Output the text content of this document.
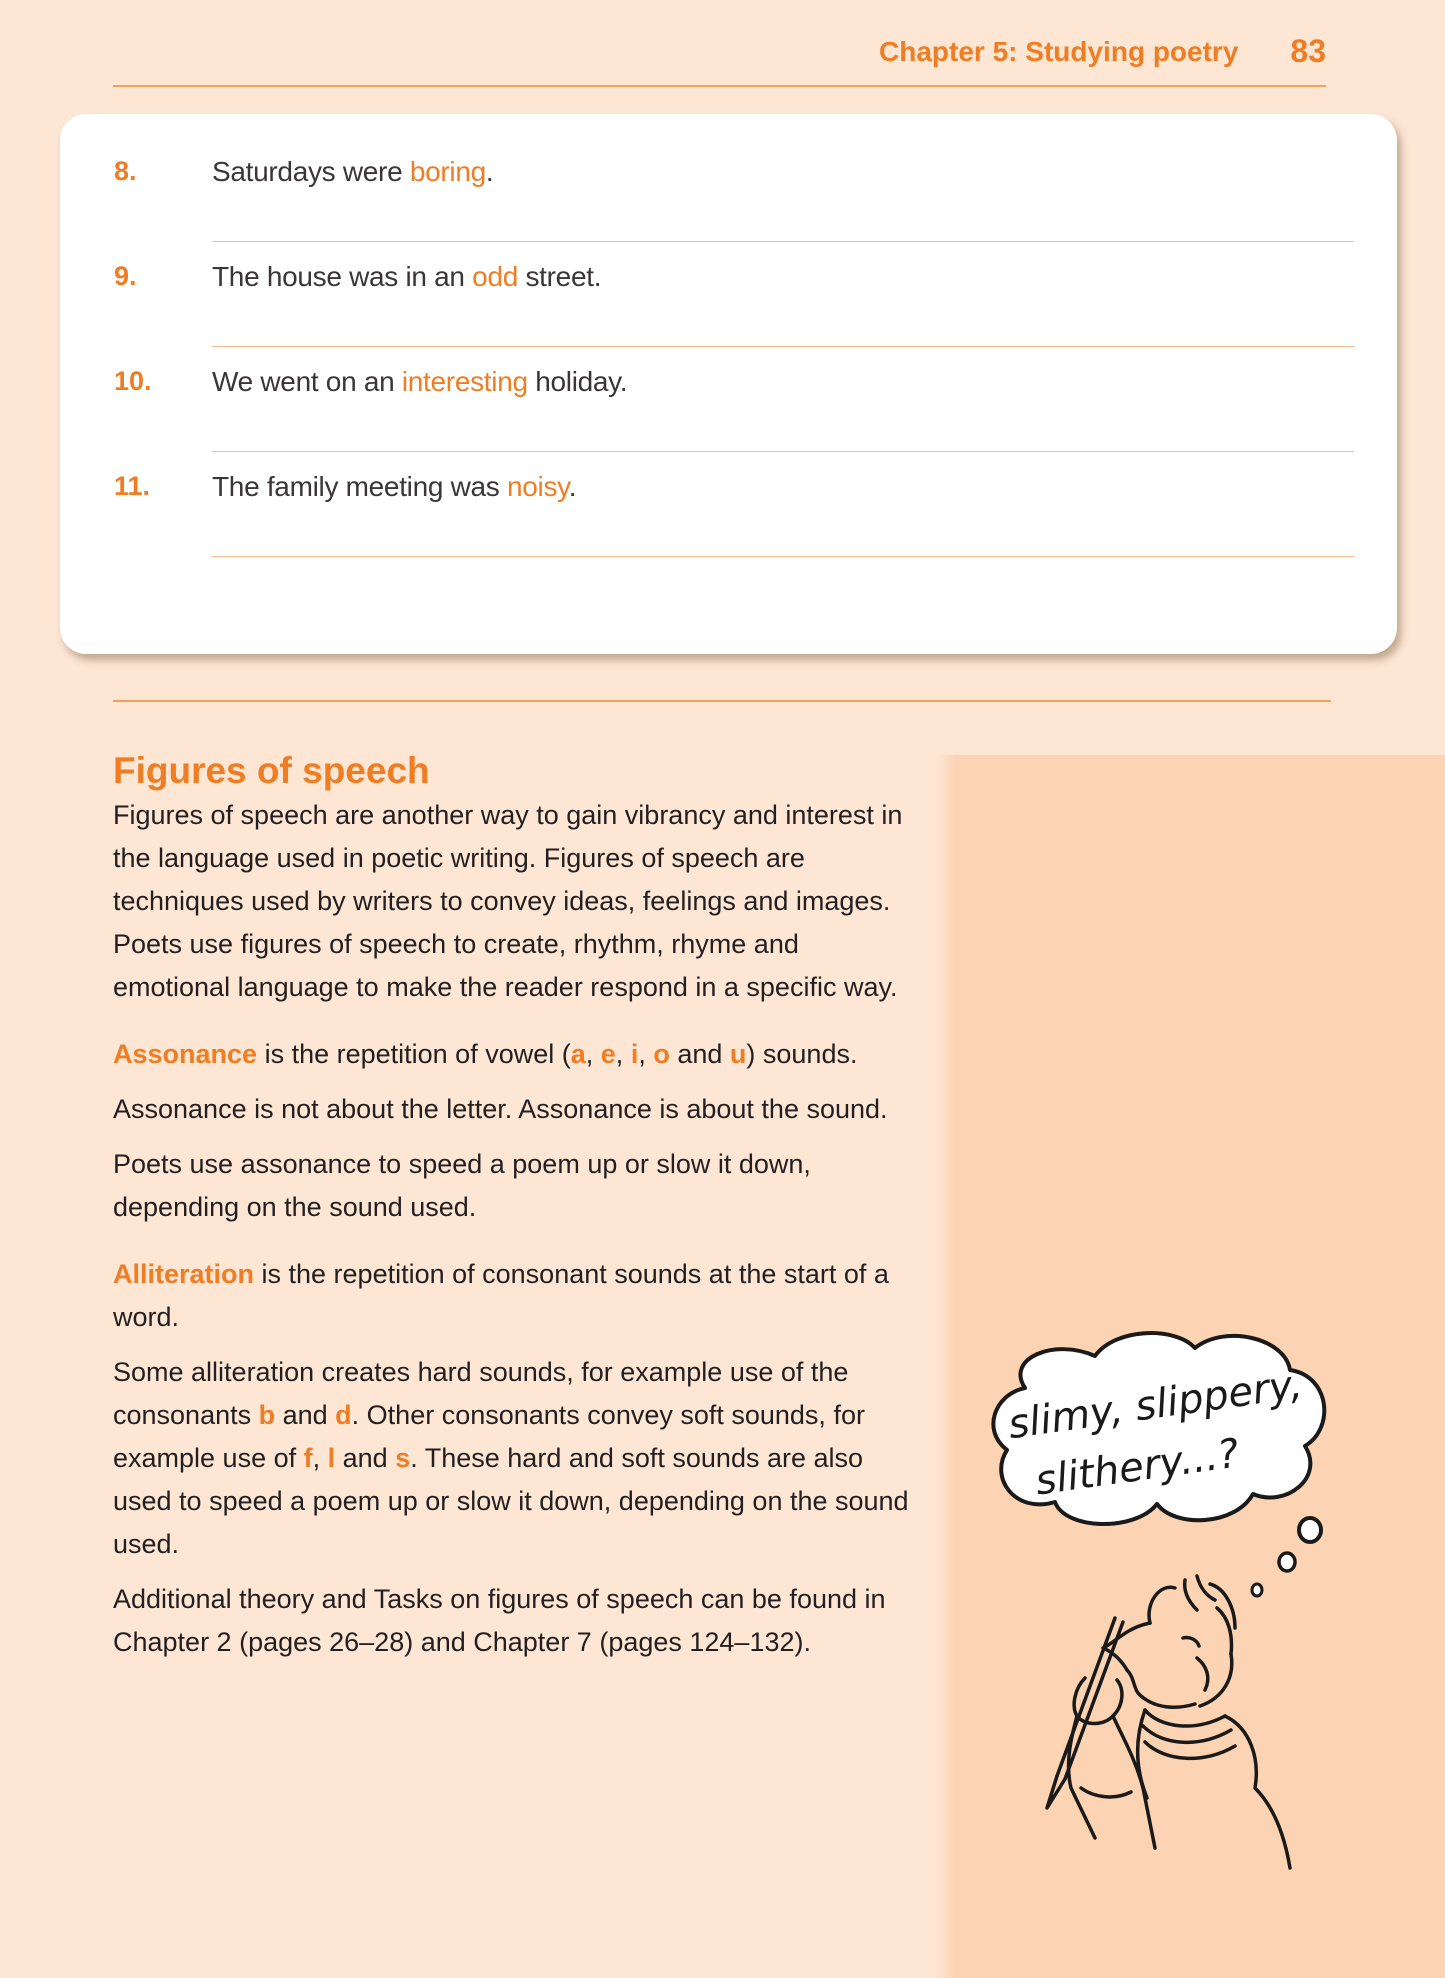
Chapter 5: Studying poetry 83
8.	Saturdays were boring.
9.	The house was in an odd street.
10. We went on an interesting holiday.
11. The family meeting was noisy.
Figures of speech

Figures of speech are another way to gain vibrancy and interest in the language used in poetic writing. Figures of speech are techniques used by writers to convey ideas, feelings and images. Poets use figures of speech to create, rhythm, rhyme and emotional language to make the reader respond in a specific way.

Assonance is the repetition of vowel (a, e, i, o and u) sounds.

Assonance is not about the letter. Assonance is about the sound.

Poets use assonance to speed a poem up or slow it down, depending on the sound used.

Alliteration is the repetition of consonant sounds at the start of a word.

Some alliteration creates hard sounds, for example use of the consonants b and d. Other consonants convey soft sounds, for example use of f, l and s. These hard and soft sounds are also used to speed a poem up or slow it down, depending on the sound used.

Additional theory and Tasks on figures of speech can be found in Chapter 2 (pages 26–28) and Chapter 7 (pages 124–132).

slimy, slippery,
slithery...?
